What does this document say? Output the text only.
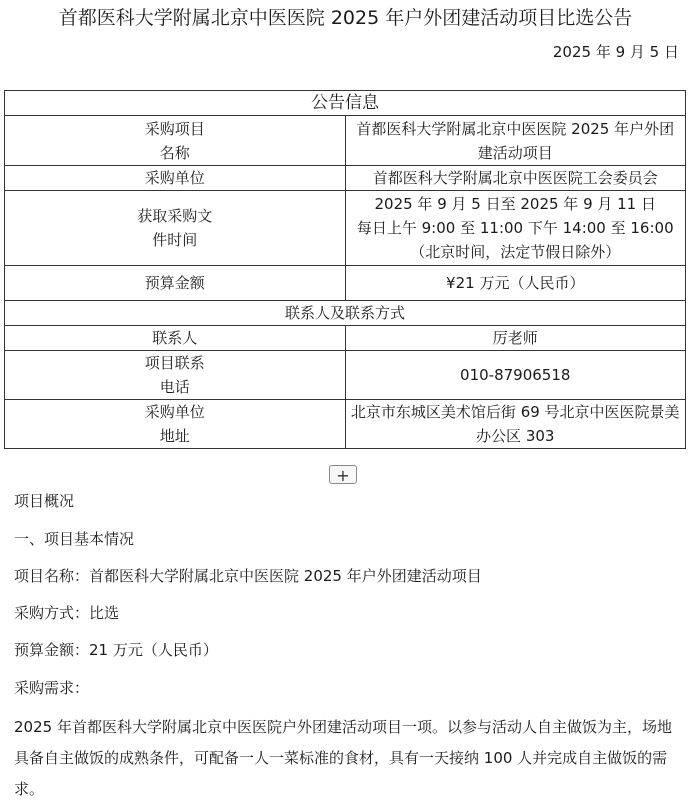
首都医科大学附属北京中医医院 2025 年户外团建活动项目比选公告
2025 年 9 月 5 日
公告信息	

采购项目
名称	首都医科大学附属北京中医医院 2025 年户外团建活动项目
采购单位	首都医科大学附属北京中医医院工会委员会

获取采购文
件时间	2025 年 9 月 5 日至 2025 年 9 月 11 日
每日上午 9:00 至 11:00 下午 14:00 至 16:00
（北京时间，法定节假日除外）

预算金额	¥21 万元（人民币）
联系人及联系方式	
联系人	厉老师

项目联系
电话	010-87906518

采购单位
地址	北京市东城区美术馆后街 69 号北京中医医院景美办公区 303
+
项目概况
一、项目基本情况
项目名称：首都医科大学附属北京中医医院 2025 年户外团建活动项目
采购方式：比选
预算金额：21 万元（人民币）
采购需求：
2025 年首都医科大学附属北京中医医院户外团建活动项目一项。以参与活动人自主做饭为主，场地具备自主做饭的成熟条件，可配备一人一菜标准的食材，具有一天接纳 100 人并完成自主做饭的需求。
